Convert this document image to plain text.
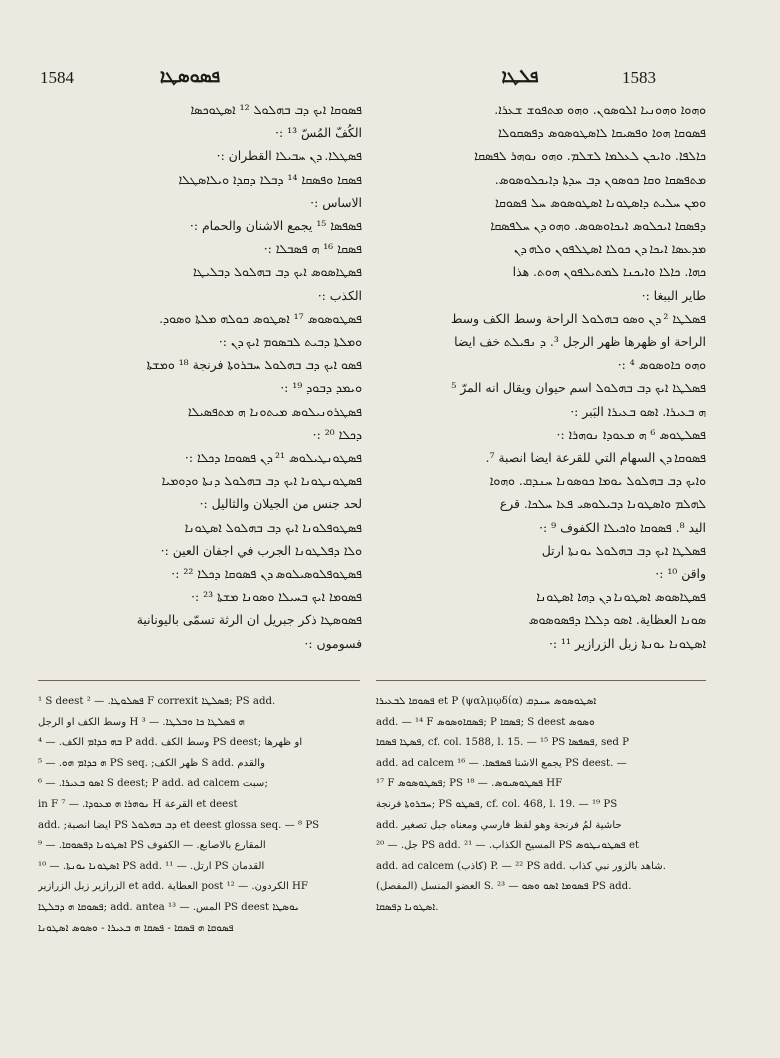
1584	ܦܣܘܣܛܐ	ܦܠܛܐ	1583
ܦܣܘܩܐ ܐܝܟ ܕܒ ܒܗܠܘܠ ¹² ܐܣܛܘܟܣܐ
الكُفّ المُسّ ¹³ :·
ܦܣܛܠܐ. ܕܢ ܚܒܝܠܐ القطران :·
ܦܣܩܐ ܘܦܣܩܐ ¹⁴ ܕܒܠܐ ܕܩܕܐ ܘܝܠܐܣܛܠܐ
الاساس :·
ܦܣܦܣܐ ¹⁵ يجمع الاشنان والحمام :·
ܦܣܩܐ ¹⁶ ܗ ܦܣܒܠܐ :·
ܦܣܛܐܣܘܣ ܐܝܟ ܕܒ ܒܗܠܘܠ ܕܒܠܝܛܐ
الكذب :·
ܦܣܛܘܣܘܣ ¹⁷ ܐܣܛܘܣ ܟܘܠܗ ܡܠܬܐ ܘܣܘܕ.
ܘܡܠܬܐ ܕܒܝܬ ܠܒܣܘܡ ܐܝܟ ܕܢ :·
ܦܣܘ ܐܝܟ ܕܒ ܒܗܠܘܠ ܚܒܪܘܬܐ فرنجة ¹⁸ ܘܡܫܬܐ
ܘܝܡܕ ܕܒܘܕ ¹⁹ :·
ܦܣܛܪܘܢܝܠܘܣ ܡܝܬܘܢܐ ܗ ܡܬܦܣܝܠܐ
ܕܟܠܐ ²⁰ :·
ܦܣܛܘܢܛܝܠܘܣ ²¹ ܕܢ ܦܣܘܩܐ ܕܟܠܐ :·
ܦܣܛܘܢܛܘܢܐ ܐܝܟ ܕܒ ܒܗܠܘܠ ܕܢܬܐ ܘܕܘܡܝܐ
لحد جنس من الجيلان والثاليل :·
ܦܣܛܘܦܠܘܢܐ ܐܝܟ ܕܒ ܒܗܠܘܠ ܐܣܛܘܢܐ
ܘܠܐ ܕܦܠܛܘܢܐ الجرب في اجفان العين :·
ܦܣܛܘܦܠܘܣܝܠܘܣ ܕܢ ܦܣܘܩܐ ܕܟܠܐ ²² :·
ܦܣܘܡܐ ܐܝܟ ܒܚܝܠܐ ܘܣܘܢܐ ܡܫܬܐ ²³ :·
ܦܣܘܣܛܐ ذكر جبريل ان الرثة تسمّى باليونانية
فسوموں :·
ܘܗܘܐ ܘܗܘܢܝܐ ܐܠܘܣܘܢ. ܘܗܘ ܡܬܦܘܫ ܫܥܪܐ.
ܦܣܘܩܐ ܗܘܐ ܘܦܣܝܩܐ ܠܐܣܛܘܣܘܣ ܕܦܣܩܘܠܐ
ܟܐܠܦܐ. ܘܐܝܟܢ ܠܥܠܡܐ ܠܫܠܡ. ܘܗܘ ܢܘܗܪ ܠܦܣܩܐ
ܡܬܦܣܩܐ ܘܩܐ ܟܘܣܘܢ ܕܒ ܚܕܬܐ ܕܐܝܟܠܘܣܘܣ.
ܘܡܢ ܚܠܝܬ ܕܐܣܛܘܢܐ ܐܣܛܘܣܘܣ ܚܠ ܦܣܘܩܐ
ܕܦܣܩܐ ܐܝܟܠܘܣ ܐܝܟܐܘܣܘܣ. ܘܗܘ ܕܢ ܚܠܦܣܩܐ
ܡܕܥܣܐ ܐܝܟܐ ܕܢ ܟܘܠܐ ܐܣܛܠܦܘܢ ܘܠܗ ܕܢ
ܟܗܐ. ܟܐܠܐ ܘܐܝܟܢܐ ܠܡܬܝܠܦܘܢ ܗܘܬ. هذا
طاير الببغا :·
ܦܣܠܛܐ ² ܕܢ ܘܣܘ ܒܗܠܘܠ الراحة وسط الكف وسط
الراحة او ظهرها ظهر الرجل ³. ܕ ܢܦܝܠܬ خف ايضا
ܘܗܘ ܟܐܘܣܘܣ ⁴ :·
ܦܣܠܛܐ ܐܝܟ ܕܒ ܒܗܠܘܠ اسم حيوان ويقال انه المرّ ⁵
ܗ ܒܥܝܪܐ. ܐܣܘ ܒܥܝܪܐ البَبر :·
ܦܣܠܛܘܣ ⁶ ܗ ܡܥܘܕܐ ܢܘܗܪܐ :·
ܦܣܘܩܐ ܕܢ السهام التي للقرعة ايضا انصبة ⁷.
ܘܐܝܟ ܕܒ ܒܗܠܘܠ ܝܘܡܐ ܟܘܣܘܢܐ ܚܢܕܩ. ܘܗܘܐ
ܠܗܠܡ ܘܐܣܛܘܢܐ ܕܒܝܠܘܣܝ ܦܥܐ ܚܠܟܐ. قرع
اليد ⁸. ܦܣܘܩܐ ܘܐܟܝܠܐ الكفوف ⁹ :·
ܦܣܠܛܐ ܐܝܟ ܕܒ ܒܗܠܘܠ ܝܘܢܬܐ ارتل
واقن ¹⁰ :·
ܦܣܛܐܣܘܣ ܐܣܛܘܢܐ ܕܢ ܕܗܐ ܐܣܛܘܢܐ
ܣܘܢܐ العظاية. ܐܣܘ ܕܠܠܐ ܕܦܣܘܣܘܣ
ܐܣܛܘܢܐ ܝܘܢܬܐ زبل الزرازير ¹¹ :·
¹ S deest ܦܣܠܘܛܐ. — ² F correxit ܦܣܠܛܐ; PS add.
وسط الكف او الرجل H ³ — .ܗ ܦܣܠܛܐ ܟܐ ܘܒܠܛܐ
ܒܗ ܟܕܐܡ الكف. — ⁴ P add. وسط الكف PS deest; او ظهرها
ܗ ܟܕܐܡ ܗܘ. — ⁵ PS seq. ;ظهر الكف S add. والقدم
ܐܣܘ ܒܥܝܪܐ. — ⁶ S deest; P add. ad calcem سبت;
in F ܢܘܗܪܐ ܗ ܡܥܘܕܐ. — ⁷ H القرعة et deest
add. ;ايضا انصبة PS ܕܒ ܒܗܠܘܠ et deest glossa seq. — ⁸ PS
ܐܣܛܘܢܐ ܕܦܣܘܩܐ. — ⁹ PS المقارع بالاصابع. — الكفوف
ܐܣܛܘܢܐ ܝܘܢܬܐ. — ¹⁰ PS add. ارتل. — ¹¹ PS القدمان
الزرازير زبل الزرازير et add. العطاية post الكردون. — ¹² HF
ܦܣܘܩܐ ܗ ܕܒܠܛܐ; add. antea المس. — ¹³ PS deest ܝܘܣܛܐ
ܦܣܘܩܐ ܗ ܦܣܩܐ - ܦܣܩܐ ܗ ܒܥܝܪܐ - ܘܣܘܣ ܐܣܛܘܢܐ
ܦܣܘܩܐ ܠܒܥܝܪܐ et P (ψαλμῳδία) ܐܣܛܘܣܘܣ ܚܢܕܩ
add. — ¹⁴ F ܦܣܩܐܘܣܘܣ; P ܦܣܩܐ; S deest ܘܣܘܣ
ܦܣܛܐ ܦܣܩܐ, cf. col. 1588, l. 15. — ¹⁵ PS ܦܣܦܣܐ, sed P
add. ad calcem يجمع الاشنا ܦܣܦܣܐ. — ¹⁶ PS deest. —
¹⁷ F ܦܣܛܘܣܘܣ; PS ܦܣܛܘܣܝܘܣ. — ¹⁸ HF
ܚܒܪܘܬܐ فرنجة; PS ܦܣܛܘ, cf. col. 468, l. 19. — ¹⁹ PS
add. حاشية لمُ فرنجة وهو لفظ فارسي ومعناه جبل تصغير
جل. — ²⁰ PS add. المسيح الكذاب. — ²¹ PS ܦܣܛܘܢܛܘܣ et
add. ad calcem (كاذب) P. — ²² PS add. شاهد بالزور نبي كذاب.
العضو المنسل (المفصل) S. ܦܣܘܡܐ ܐܣܘ ܘܣܘ — ²³ PS add.
ܐܣܛܘܢܐ ܕܦܣܩܐ.
